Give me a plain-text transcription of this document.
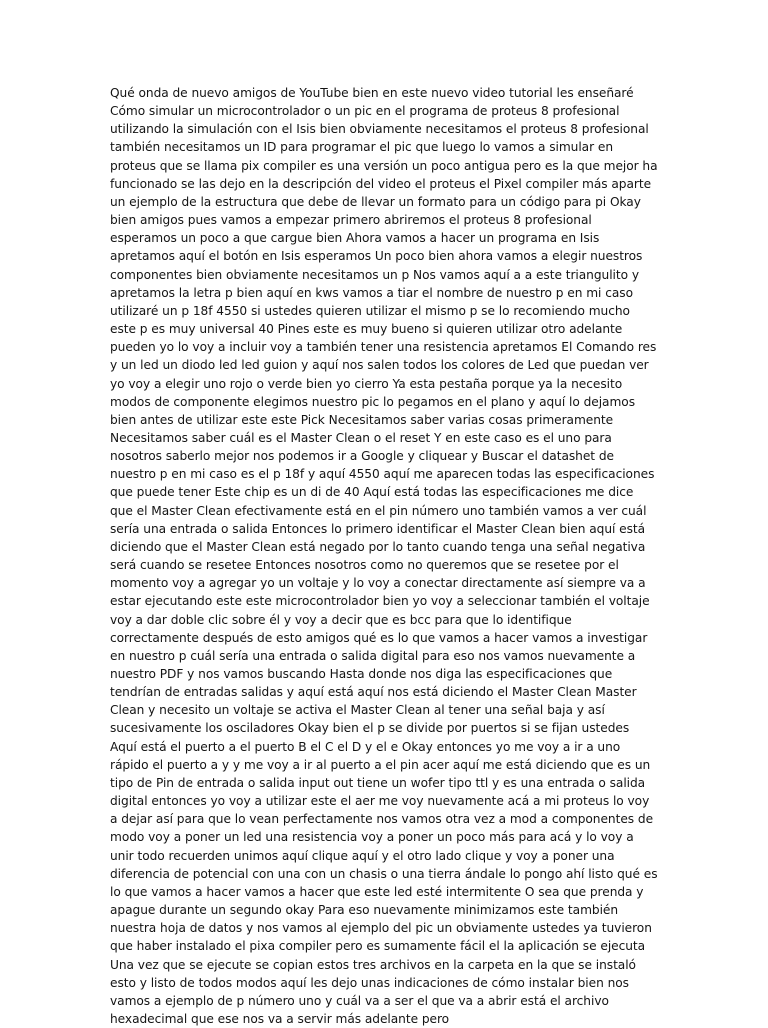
Qué onda de nuevo amigos de YouTube bien en este nuevo video tutorial les enseñaré Cómo simular un microcontrolador o un pic en el programa de proteus 8 profesional utilizando la simulación con el Isis bien obviamente necesitamos el proteus 8 profesional también necesitamos un ID para programar el pic que luego lo vamos a simular en proteus que se llama pix compiler es una versión un poco antigua pero es la que mejor ha funcionado se las dejo en la descripción del video el proteus el Pixel compiler más aparte un ejemplo de la estructura que debe de llevar un formato para un código para pi Okay bien amigos pues vamos a empezar primero abriremos el proteus 8 profesional esperamos un poco a que cargue bien Ahora vamos a hacer un programa en Isis apretamos aquí el botón en Isis esperamos Un poco bien ahora vamos a elegir nuestros componentes bien obviamente necesitamos un p Nos vamos aquí a a este triangulito y apretamos la letra p bien aquí en kws vamos a tiar el nombre de nuestro p en mi caso utilizaré un p 18f 4550 si ustedes quieren utilizar el mismo p se lo recomiendo mucho este p es muy universal 40 Pines este es muy bueno si quieren utilizar otro adelante pueden yo lo voy a incluir voy a también tener una resistencia apretamos El Comando res y un led un diodo led led guion y aquí nos salen todos los colores de Led que puedan ver yo voy a elegir uno rojo o verde bien yo cierro Ya esta pestaña porque ya la necesito modos de componente elegimos nuestro pic lo pegamos en el plano y aquí lo dejamos bien antes de utilizar este este Pick Necesitamos saber varias cosas primeramente Necesitamos saber cuál es el Master Clean o el reset Y en este caso es el uno para nosotros saberlo mejor nos podemos ir a Google y cliquear y Buscar el datashet de nuestro p en mi caso es el p 18f y aquí 4550 aquí me aparecen todas las especificaciones que puede tener Este chip es un di de 40 Aquí está todas las especificaciones me dice que el Master Clean efectivamente está en el pin número uno también vamos a ver cuál sería una entrada o salida Entonces lo primero identificar el Master Clean bien aquí está diciendo que el Master Clean está negado por lo tanto cuando tenga una señal negativa será cuando se resetee Entonces nosotros como no queremos que se resetee por el momento voy a agregar yo un voltaje y lo voy a conectar directamente así siempre va a estar ejecutando este este microcontrolador bien yo voy a seleccionar también el voltaje voy a dar doble clic sobre él y voy a decir que es bcc para que lo identifique correctamente después de esto amigos qué es lo que vamos a hacer vamos a investigar en nuestro p cuál sería una entrada o salida digital para eso nos vamos nuevamente a nuestro PDF y nos vamos buscando Hasta donde nos diga las especificaciones que tendrían de entradas salidas y aquí está aquí nos está diciendo el Master Clean Master Clean y necesito un voltaje se activa el Master Clean al tener una señal baja y así sucesivamente los osciladores Okay bien el p se divide por puertos si se fijan ustedes Aquí está el puerto a el puerto B el C el D y el e Okay entonces yo me voy a ir a uno rápido el puerto a y y me voy a ir al puerto a el pin acer aquí me está diciendo que es un tipo de Pin de entrada o salida input out tiene un wofer tipo ttl y es una entrada o salida digital entonces yo voy a utilizar este el aer me voy nuevamente acá a mi proteus lo voy a dejar así para que lo vean perfectamente nos vamos otra vez a mod a componentes de modo voy a poner un led una resistencia voy a poner un poco más para acá y lo voy a unir todo recuerden unimos aquí clique aquí y el otro lado clique y voy a poner una diferencia de potencial con una con un chasis o una tierra ándale lo pongo ahí listo qué es lo que vamos a hacer vamos a hacer que este led esté intermitente O sea que prenda y apague durante un segundo okay Para eso nuevamente minimizamos este también nuestra hoja de datos y nos vamos al ejemplo del pic un obviamente ustedes ya tuvieron que haber instalado el pixa compiler pero es sumamente fácil el la aplicación se ejecuta Una vez que se ejecute se copian estos tres archivos en la carpeta en la que se instaló esto y listo de todos modos aquí les dejo unas indicaciones de cómo instalar bien nos vamos a ejemplo de p número uno y cuál va a ser el que va a abrir está el archivo hexadecimal que ese nos va a servir más adelante pero
